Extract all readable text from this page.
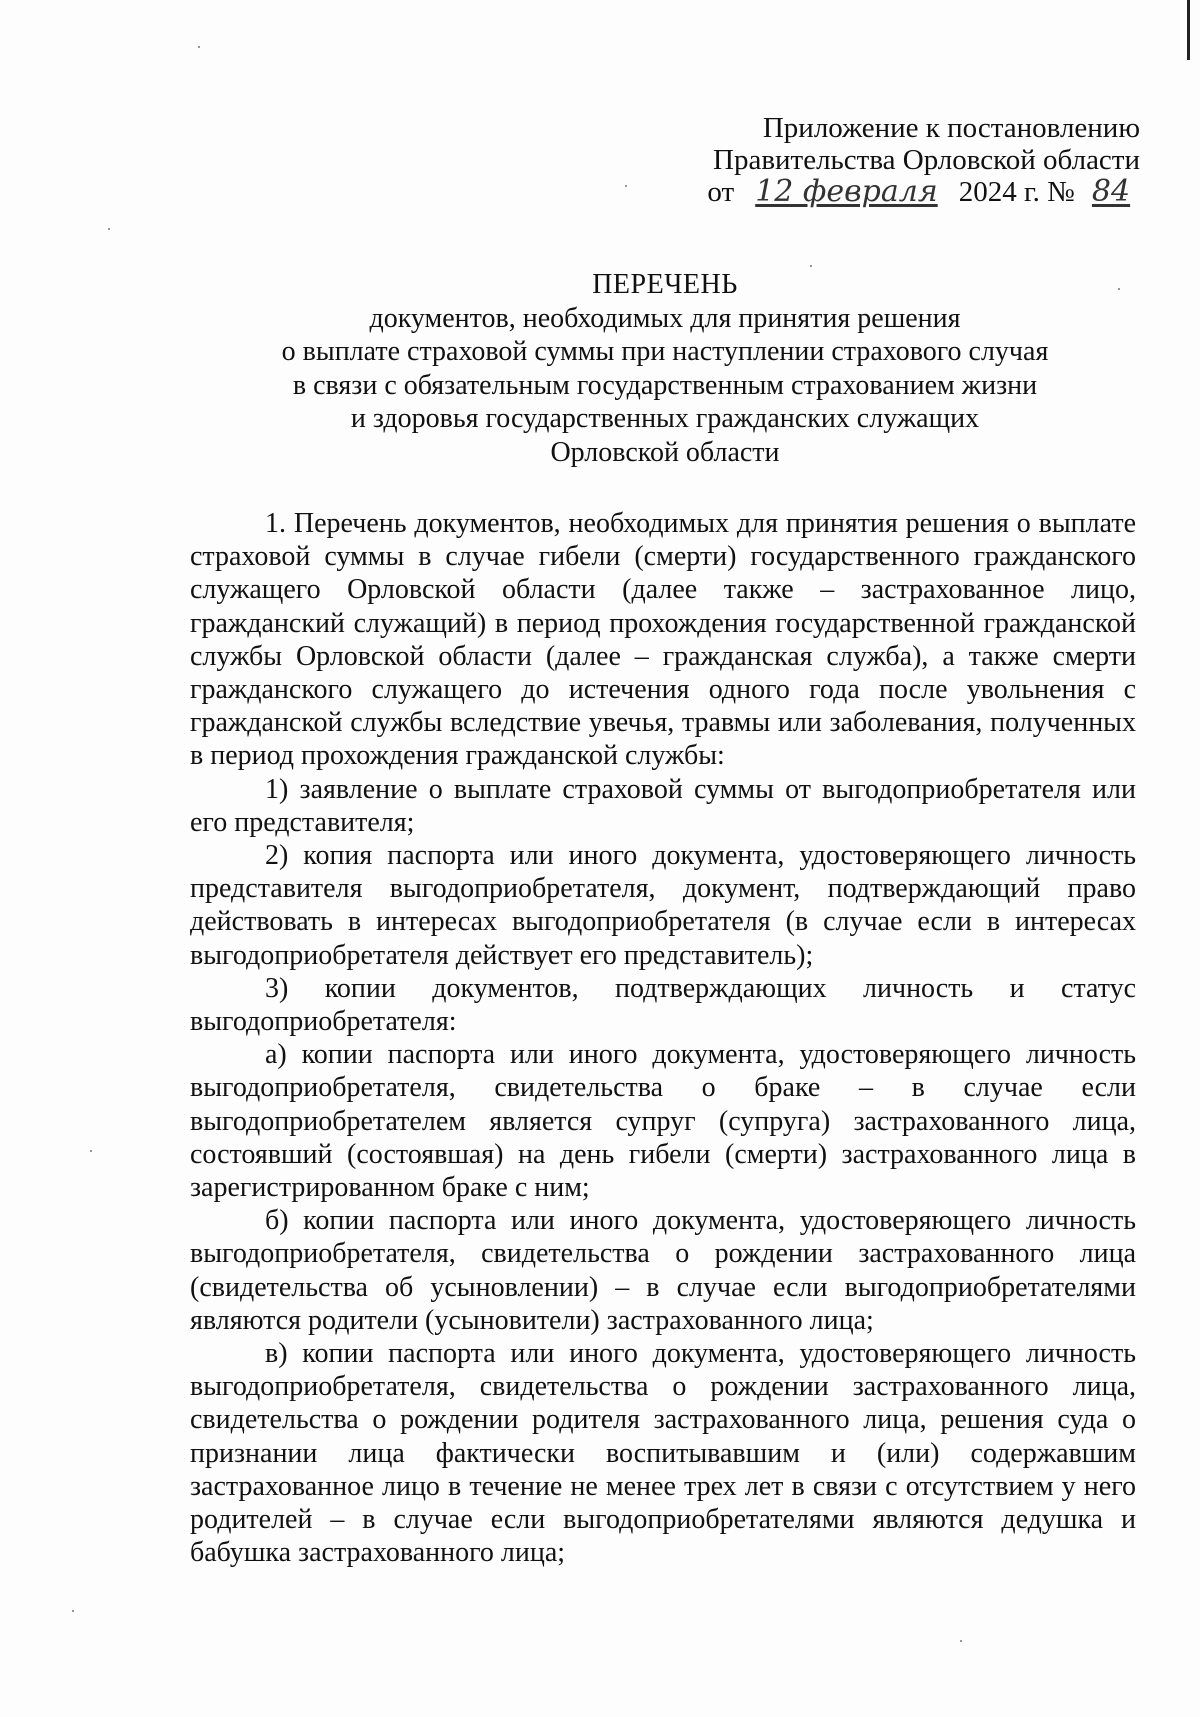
Приложение к постановлению
Правительства Орловской области
от 12 февраля 2024 г. № 84
ПЕРЕЧЕНЬ
документов, необходимых для принятия решения
о выплате страховой суммы при наступлении страхового случая
в связи с обязательным государственным страхованием жизни
и здоровья государственных гражданских служащих
Орловской области

1. Перечень документов, необходимых для принятия решения о выплате страховой суммы в случае гибели (смерти) государственного гражданского служащего Орловской области (далее также – застрахованное лицо, гражданский служащий) в период прохождения государственной гражданской службы Орловской области (далее – гражданская служба), а также смерти гражданского служащего до истечения одного года после увольнения с гражданской службы вследствие увечья, травмы или заболевания, полученных в период прохождения гражданской службы:

1) заявление о выплате страховой суммы от выгодоприобретателя или его представителя;

2) копия паспорта или иного документа, удостоверяющего личность представителя выгодоприобретателя, документ, подтверждающий право действовать в интересах выгодоприобретателя (в случае если в интересах выгодоприобретателя действует его представитель);

3) копии документов, подтверждающих личность и статус выгодоприобретателя:

а) копии паспорта или иного документа, удостоверяющего личность выгодоприобретателя, свидетельства о браке – в случае если выгодоприобретателем является супруг (супруга) застрахованного лица, состоявший (состоявшая) на день гибели (смерти) застрахованного лица в зарегистрированном браке с ним;

б) копии паспорта или иного документа, удостоверяющего личность выгодоприобретателя, свидетельства о рождении застрахованного лица (свидетельства об усыновлении) – в случае если выгодоприобретателями являются родители (усыновители) застрахованного лица;

в) копии паспорта или иного документа, удостоверяющего личность выгодоприобретателя, свидетельства о рождении застрахованного лица, свидетельства о рождении родителя застрахованного лица, решения суда о признании лица фактически воспитывавшим и (или) содержавшим застрахованное лицо в течение не менее трех лет в связи с отсутствием у него родителей – в случае если выгодоприобретателями являются дедушка и бабушка застрахованного лица;
